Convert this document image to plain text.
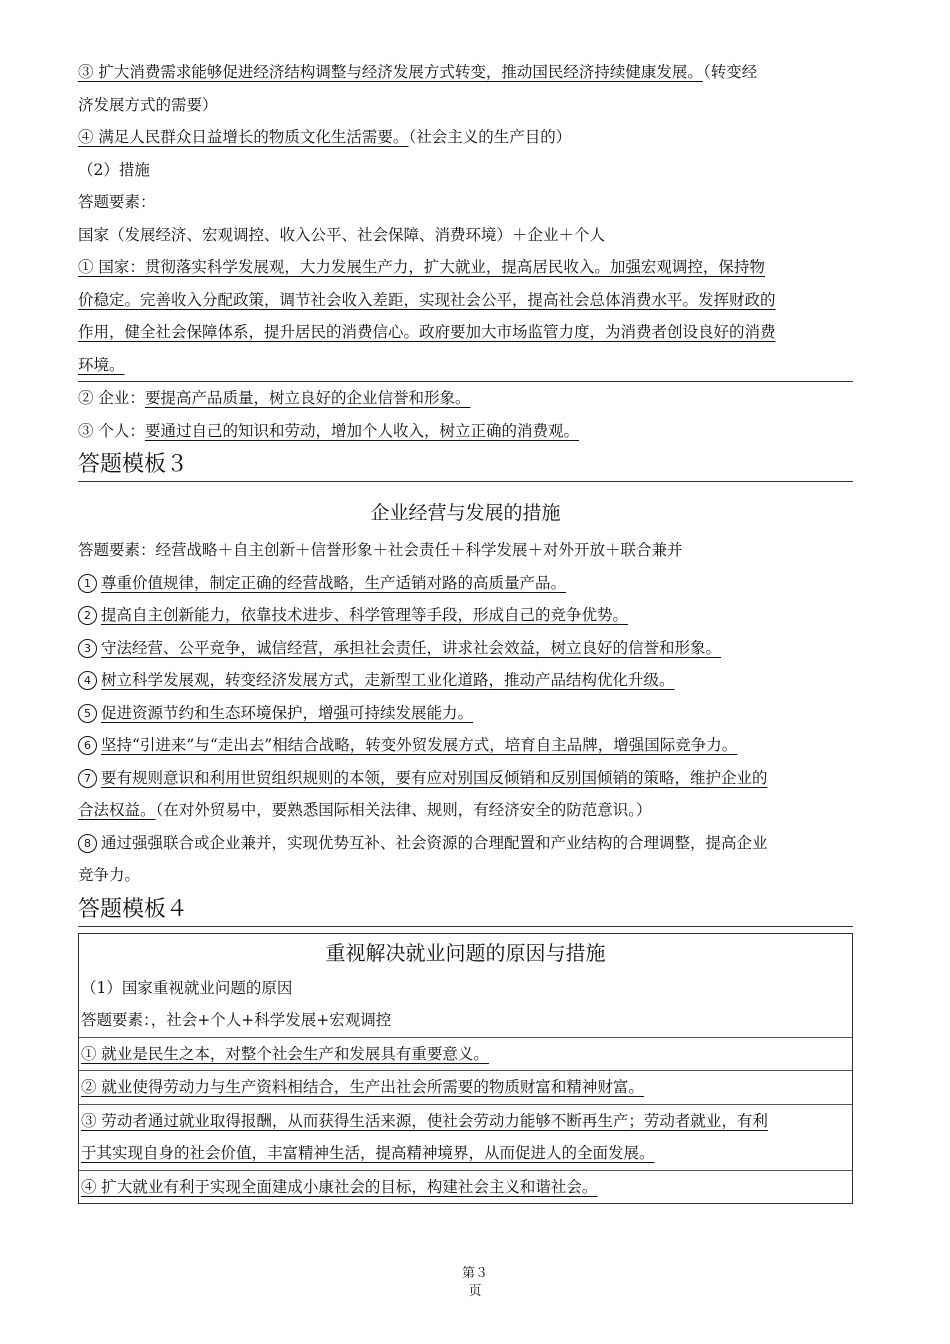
③ 扩大消费需求能够促进经济结构调整与经济发展方式转变，推动国民经济持续健康发展。（转变经
济发展方式的需要）
④ 满足人民群众日益增长的物质文化生活需要。（社会主义的生产目的）
（2）措施
答题要素：
国家（发展经济、宏观调控、收入公平、社会保障、消费环境）＋企业＋个人
① 国家：贯彻落实科学发展观，大力发展生产力，扩大就业，提高居民收入。加强宏观调控，保持物
价稳定。完善收入分配政策，调节社会收入差距，实现社会公平，提高社会总体消费水平。发挥财政的
作用，健全社会保障体系，提升居民的消费信心。政府要加大市场监管力度，为消费者创设良好的消费
环境。
② 企业：要提高产品质量，树立良好的企业信誉和形象。
③ 个人：要通过自己的知识和劳动，增加个人收入，树立正确的消费观。
答题模板３
企业经营与发展的措施
答题要素：经营战略＋自主创新＋信誉形象＋社会责任＋科学发展＋对外开放＋联合兼并
1 尊重价值规律，制定正确的经营战略，生产适销对路的高质量产品。
2 提高自主创新能力，依靠技术进步、科学管理等手段，形成自己的竞争优势。
3 守法经营、公平竞争，诚信经营，承担社会责任，讲求社会效益，树立良好的信誉和形象。
4 树立科学发展观，转变经济发展方式，走新型工业化道路，推动产品结构优化升级。
5 促进资源节约和生态环境保护，增强可持续发展能力。
6 坚持“引进来”与“走出去”相结合战略，转变外贸发展方式，培育自主品牌，增强国际竞争力。
7 要有规则意识和利用世贸组织规则的本领，要有应对别国反倾销和反别国倾销的策略，维护企业的
合法权益。（在对外贸易中，要熟悉国际相关法律、规则，有经济安全的防范意识。）
8 通过强强联合或企业兼并，实现优势互补、社会资源的合理配置和产业结构的合理调整，提高企业
竞争力。
答题模板４
重视解决就业问题的原因与措施
（1）国家重视就业问题的原因
答题要素：，社会+个人+科学发展+宏观调控
① 就业是民生之本，对整个社会生产和发展具有重要意义。
② 就业使得劳动力与生产资料相结合，生产出社会所需要的物质财富和精神财富。
③ 劳动者通过就业取得报酬，从而获得生活来源，使社会劳动力能够不断再生产；劳动者就业，有利
于其实现自身的社会价值，丰富精神生活，提高精神境界，从而促进人的全面发展。
④ 扩大就业有利于实现全面建成小康社会的目标，构建社会主义和谐社会。
第３
页
